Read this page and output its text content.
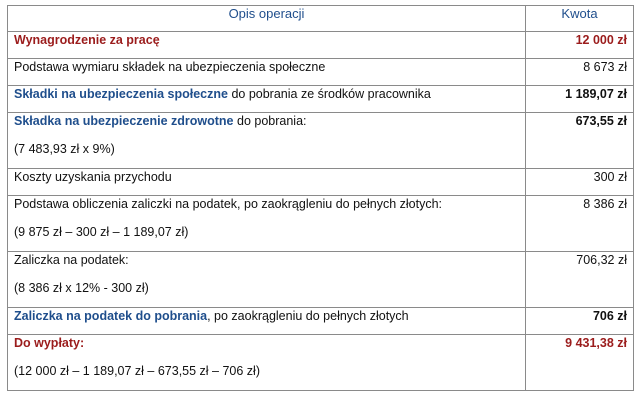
Opis operacji	Kwota
Wynagrodzenie za pracę	12 000 zł
Podstawa wymiaru składek na ubezpieczenia społeczne	8 673 zł
Składki na ubezpieczenia społeczne do pobrania ze środków pracownika	1 189,07 zł
Składka na ubezpieczenie zdrowotne do pobrania:
(7 483,93 zł x 9%)	673,55 zł
Koszty uzyskania przychodu	300 zł
Podstawa obliczenia zaliczki na podatek, po zaokrągleniu do pełnych złotych:
(9 875 zł – 300 zł – 1 189,07 zł)	8 386 zł
Zaliczka na podatek:
(8 386 zł x 12% - 300 zł)	706,32 zł
Zaliczka na podatek do pobrania, po zaokrągleniu do pełnych złotych	706 zł
Do wypłaty:
(12 000 zł – 1 189,07 zł – 673,55 zł – 706 zł)	9 431,38 zł
